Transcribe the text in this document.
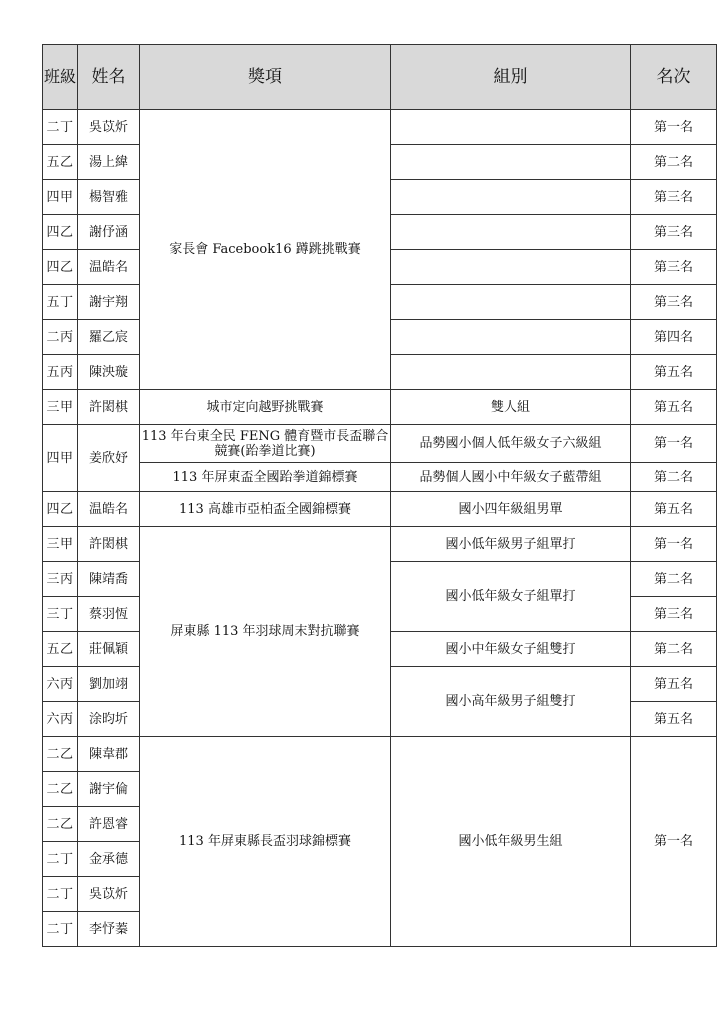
班級	姓名	獎項	組別	名次
二丁	吳苡炘	家長會 Facebook16 蹲跳挑戰賽		第一名
五乙	湯上緯			第二名
四甲	楊智雅			第三名
四乙	謝伃涵			第三名
四乙	温皓名			第三名
五丁	謝宇翔			第三名
二丙	羅乙宸			第四名
五丙	陳泱璇			第五名
三甲	許閎棋	城市定向越野挑戰賽	雙人組	第五名
四甲	姜欣妤	113 年台東全民 FENG 體育暨市長盃聯合競賽(跆拳道比賽)	品勢國小個人低年級女子六級組	第一名
		113 年屏東盃全國跆拳道錦標賽	品勢個人國小中年級女子藍帶組	第二名
四乙	温皓名	113 高雄市亞柏盃全國錦標賽	國小四年級組男單	第五名
三甲	許閎棋	屏東縣 113 年羽球周末對抗聯賽	國小低年級男子組單打	第一名
三丙	陳靖喬		國小低年級女子組單打	第二名
三丁	蔡羽恆			第三名
五乙	莊佩穎		國小中年級女子組雙打	第二名
六丙	劉加翊		國小高年級男子組雙打	第五名
六丙	涂昀圻			第五名
二乙	陳韋郡	113 年屏東縣長盃羽球錦標賽	國小低年級男生組	第一名
二乙	謝宇倫			
二乙	許恩睿			
二丁	金承德			
二丁	吳苡炘			
二丁	李忬蓁			
